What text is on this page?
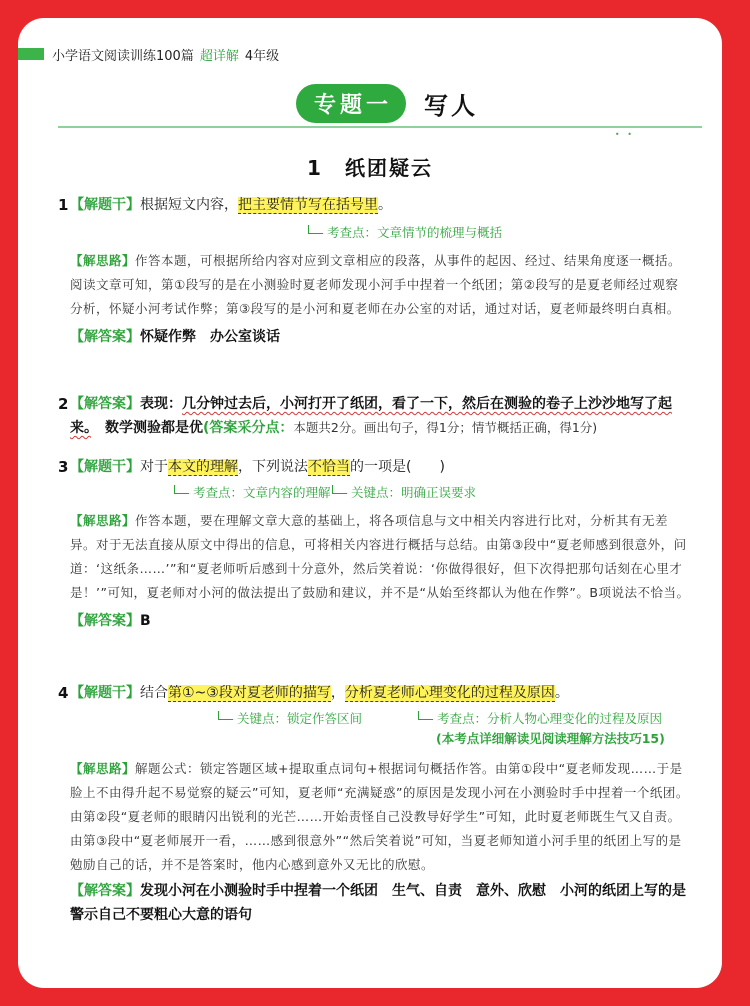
小学语文阅读训练100篇 超详解 4年级
专题一	写人
•   •
1 纸团疑云
1 【解题干】根据短文内容，把主要情节写在括号里。
考查点：文章情节的梳理与概括
【解思路】作答本题，可根据所给内容对应到文章相应的段落，从事件的起因、经过、结果角度逐一概括。阅读文章可知，第①段写的是在小测验时夏老师发现小河手中捏着一个纸团；第②段写的是夏老师经过观察分析，怀疑小河考试作弊；第③段写的是小河和夏老师在办公室的对话，通过对话，夏老师最终明白真相。
【解答案】怀疑作弊　办公室谈话
2 【解答案】表现：几分钟过去后，小河打开了纸团，看了一下，然后在测验的卷子上沙沙地写了起来。　数学测验都是优(答案采分点：本题共2分。画出句子，得1分；情节概括正确，得1分)
3 【解题干】对于本文的理解，下列说法不恰当的一项是(　　)
考查点：文章内容的理解	关键点：明确正误要求
【解思路】作答本题，要在理解文章大意的基础上，将各项信息与文中相关内容进行比对，分析其有无差异。对于无法直接从原文中得出的信息，可将相关内容进行概括与总结。由第③段中“夏老师感到很意外，问道：‘这纸条……’”和“夏老师听后感到十分意外，然后笑着说：‘你做得很好，但下次得把那句话刻在心里才是！’”可知，夏老师对小河的做法提出了鼓励和建议，并不是“从始至终都认为他在作弊”。B项说法不恰当。
【解答案】B
4 【解题干】结合第①~③段对夏老师的描写，分析夏老师心理变化的过程及原因。
关键点：锁定作答区间	考查点：分析人物心理变化的过程及原因
(本考点详细解读见阅读理解方法技巧15)
【解思路】解题公式：锁定答题区域+提取重点词句+根据词句概括作答。由第①段中“夏老师发现……于是脸上不由得升起不易觉察的疑云”可知，夏老师“充满疑惑”的原因是发现小河在小测验时手中捏着一个纸团。由第②段“夏老师的眼睛闪出锐利的光芒……开始责怪自己没教导好学生”可知，此时夏老师既生气又自责。由第③段中“夏老师展开一看，……感到很意外”“然后笑着说”可知，当夏老师知道小河手里的纸团上写的是勉励自己的话，并不是答案时，他内心感到意外又无比的欣慰。
【解答案】发现小河在小测验时手中捏着一个纸团　生气、自责　意外、欣慰　小河的纸团上写的是警示自己不要粗心大意的语句
